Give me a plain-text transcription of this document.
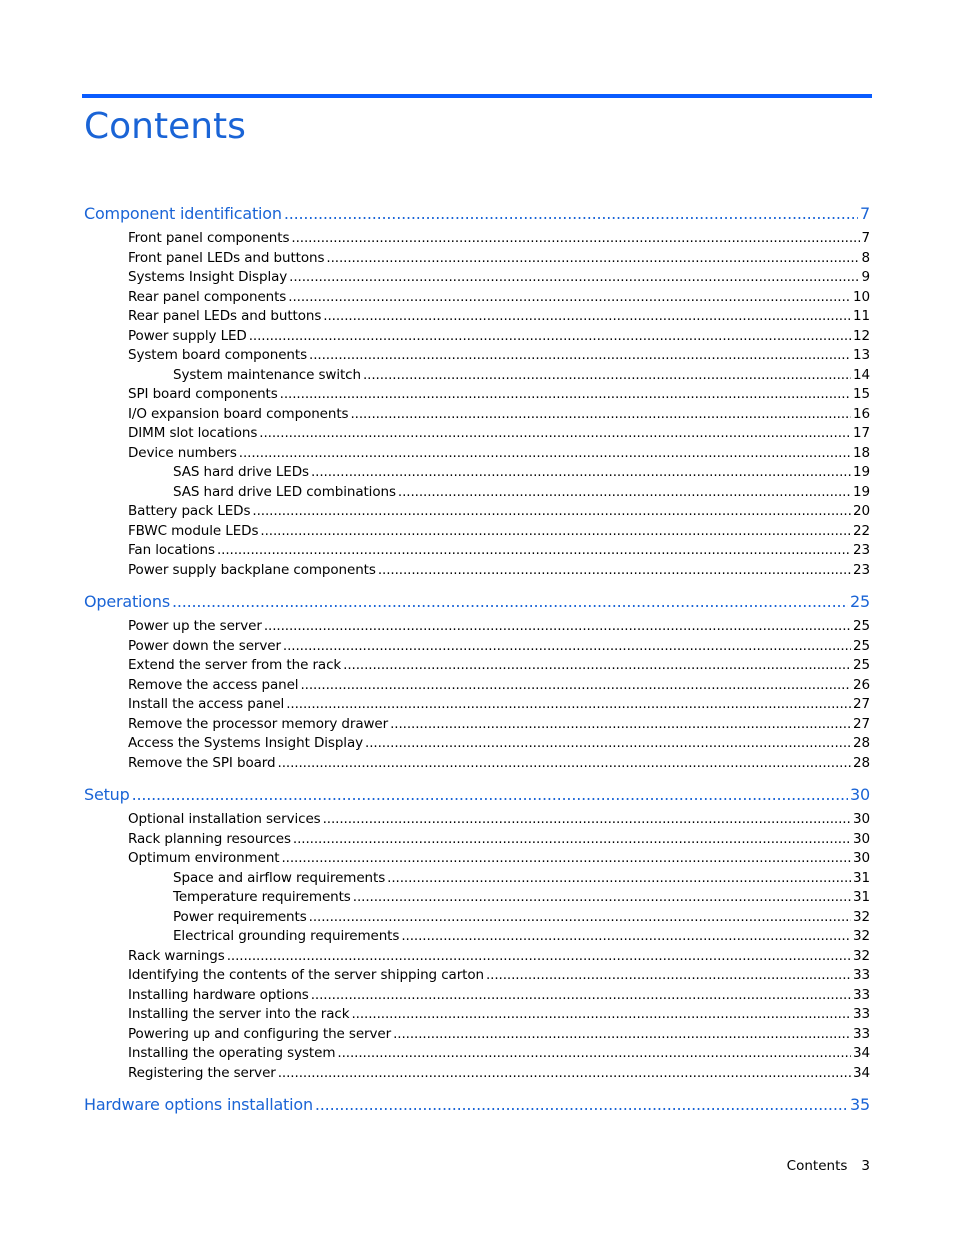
Contents
Component identification .....	7
Front panel components .....	7
Front panel LEDs and buttons .....	8
Systems Insight Display .....	9
Rear panel components .....	10
Rear panel LEDs and buttons .....	11
Power supply LED .....	12
System board components .....	13
System maintenance switch .....	14
SPI board components .....	15
I/O expansion board components .....	16
DIMM slot locations .....	17
Device numbers .....	18
SAS hard drive LEDs .....	19
SAS hard drive LED combinations .....	19
Battery pack LEDs .....	20
FBWC module LEDs .....	22
Fan locations .....	23
Power supply backplane components .....	23
Operations .....	25
Power up the server .....	25
Power down the server .....	25
Extend the server from the rack .....	25
Remove the access panel .....	26
Install the access panel .....	27
Remove the processor memory drawer .....	27
Access the Systems Insight Display .....	28
Remove the SPI board .....	28
Setup .....	30
Optional installation services .....	30
Rack planning resources .....	30
Optimum environment .....	30
Space and airflow requirements .....	31
Temperature requirements .....	31
Power requirements .....	32
Electrical grounding requirements .....	32
Rack warnings .....	32
Identifying the contents of the server shipping carton .....	33
Installing hardware options .....	33
Installing the server into the rack .....	33
Powering up and configuring the server .....	33
Installing the operating system .....	34
Registering the server .....	34
Hardware options installation .....	35
Contents 3
